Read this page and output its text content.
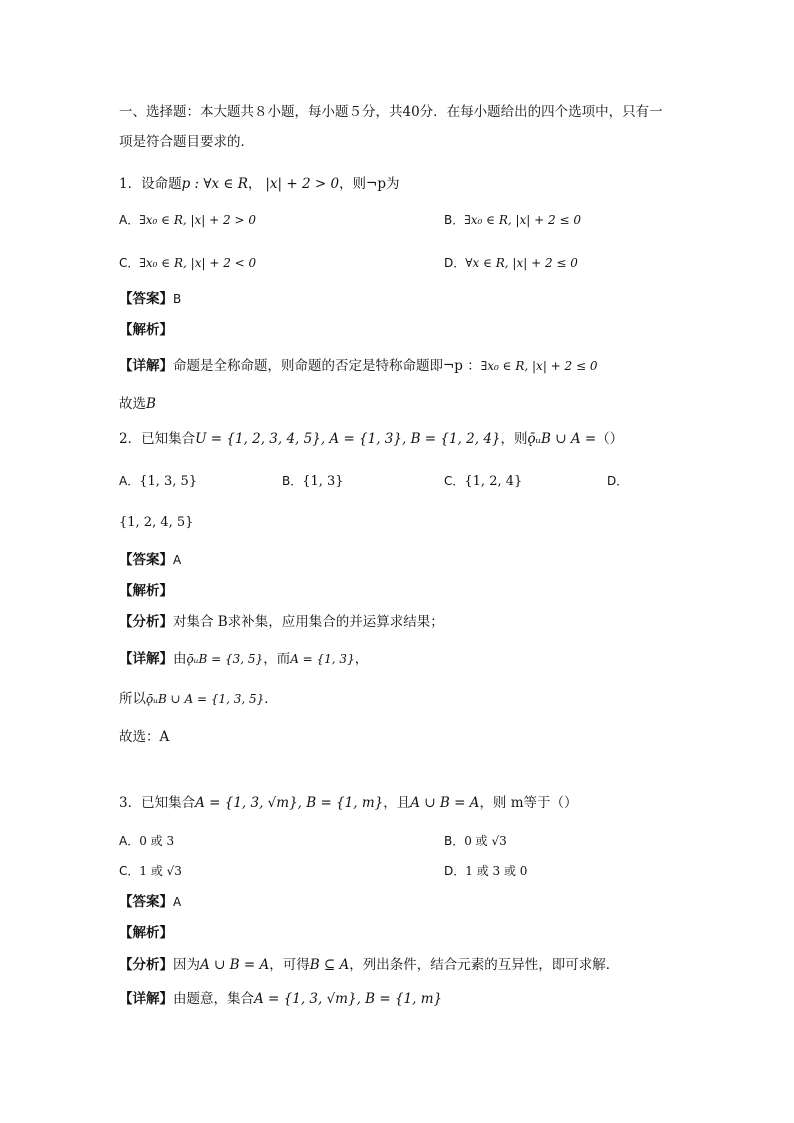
一、选择题：本大题共８小题，每小题５分，共40分．在每小题给出的四个选项中，只有一
项是符合题目要求的．
1．设命题p : ∀x ∈ R， |x| + 2 > 0，则¬p为
A．∃x₀ ∈ R, |x| + 2 > 0	B．∃x₀ ∈ R, |x| + 2 ≤ 0
C．∃x₀ ∈ R, |x| + 2 < 0	D．∀x ∈ R, |x| + 2 ≤ 0
【答案】B
【解析】
【详解】命题是全称命题，则命题的否定是特称命题即¬p ：∃x₀ ∈ R, |x| + 2 ≤ 0
故选B
2．已知集合U = {1, 2, 3, 4, 5}, A = {1, 3}, B = {1, 2, 4}，则ǭᵤB ∪ A =（）
A．{1, 3, 5}	B．{1, 3}	C．{1, 2, 4}	D．
{1, 2, 4, 5}
【答案】A
【解析】
【分析】对集合 B求补集，应用集合的并运算求结果；
【详解】由ǭᵤB = {3, 5}，而A = {1, 3}，
所以ǭᵤB ∪ A = {1, 3, 5}．
故选：A
3．已知集合A = {1, 3, √m}, B = {1, m}，且A ∪ B = A，则 m等于（）
A．0 或 3	B．0 或 √3
C．1 或 √3	D．1 或 3 或 0
【答案】A
【解析】
【分析】因为A ∪ B = A，可得B ⊆ A，列出条件，结合元素的互异性，即可求解．
【详解】由题意，集合A = {1, 3, √m}, B = {1, m}
